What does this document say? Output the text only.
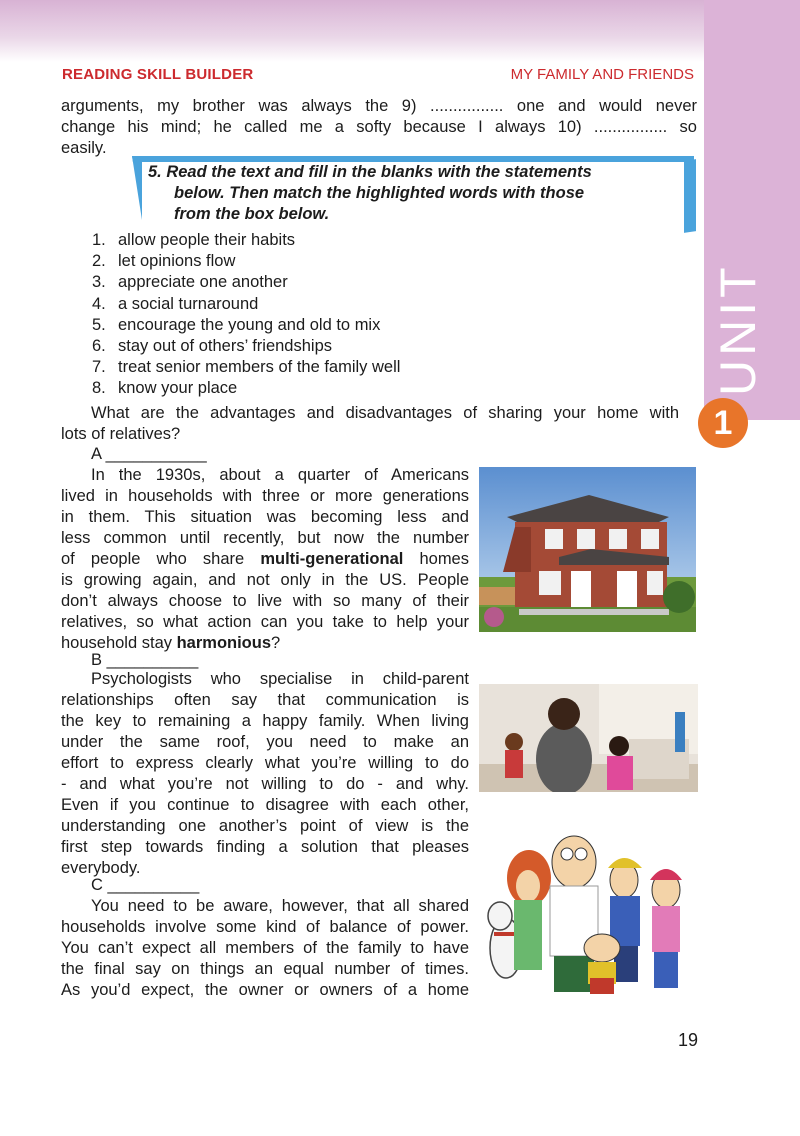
UNIT
1
READING SKILL BUILDER	MY FAMILY AND FRIENDS
arguments, my brother was always the 9) ................ one and would never
change his mind; he called me a softy because I always 10) ................ so
easily.
5. Read the text and fill in the blanks with the statements
below. Then match the highlighted words with those
from the box below.
1. allow people their habits
2. let opinions flow
3. appreciate one another
4. a social turnaround
5. encourage the young and old to mix
6. stay out of others’ friendships
7. treat senior members of the family well
8. know your place
What are the advantages and disadvantages of sharing your home with
lots of relatives?
A ___________
In the 1930s, about a quarter of Americans
lived in households with three or more generations
in them. This situation was becoming less and
less common until recently, but now the number
of people who share multi-generational homes
is growing again, and not only in the US. People
don’t always choose to live with so many of their
relatives, so what action can you take to help your
household stay harmonious?
B __________
Psychologists who specialise in child-parent
relationships often say that communication is
the key to remaining a happy family. When living
under the same roof, you need to make an
effort to express clearly what you’re willing to do
- and what you’re not willing to do - and why.
Even if you continue to disagree with each other,
understanding one another’s point of view is the
first step towards finding a solution that pleases
everybody.
C __________
You need to be aware, however, that all shared
households involve some kind of balance of power.
You can’t expect all members of the family to have
the final say on things an equal number of times.
As you’d expect, the owner or owners of a home
19
